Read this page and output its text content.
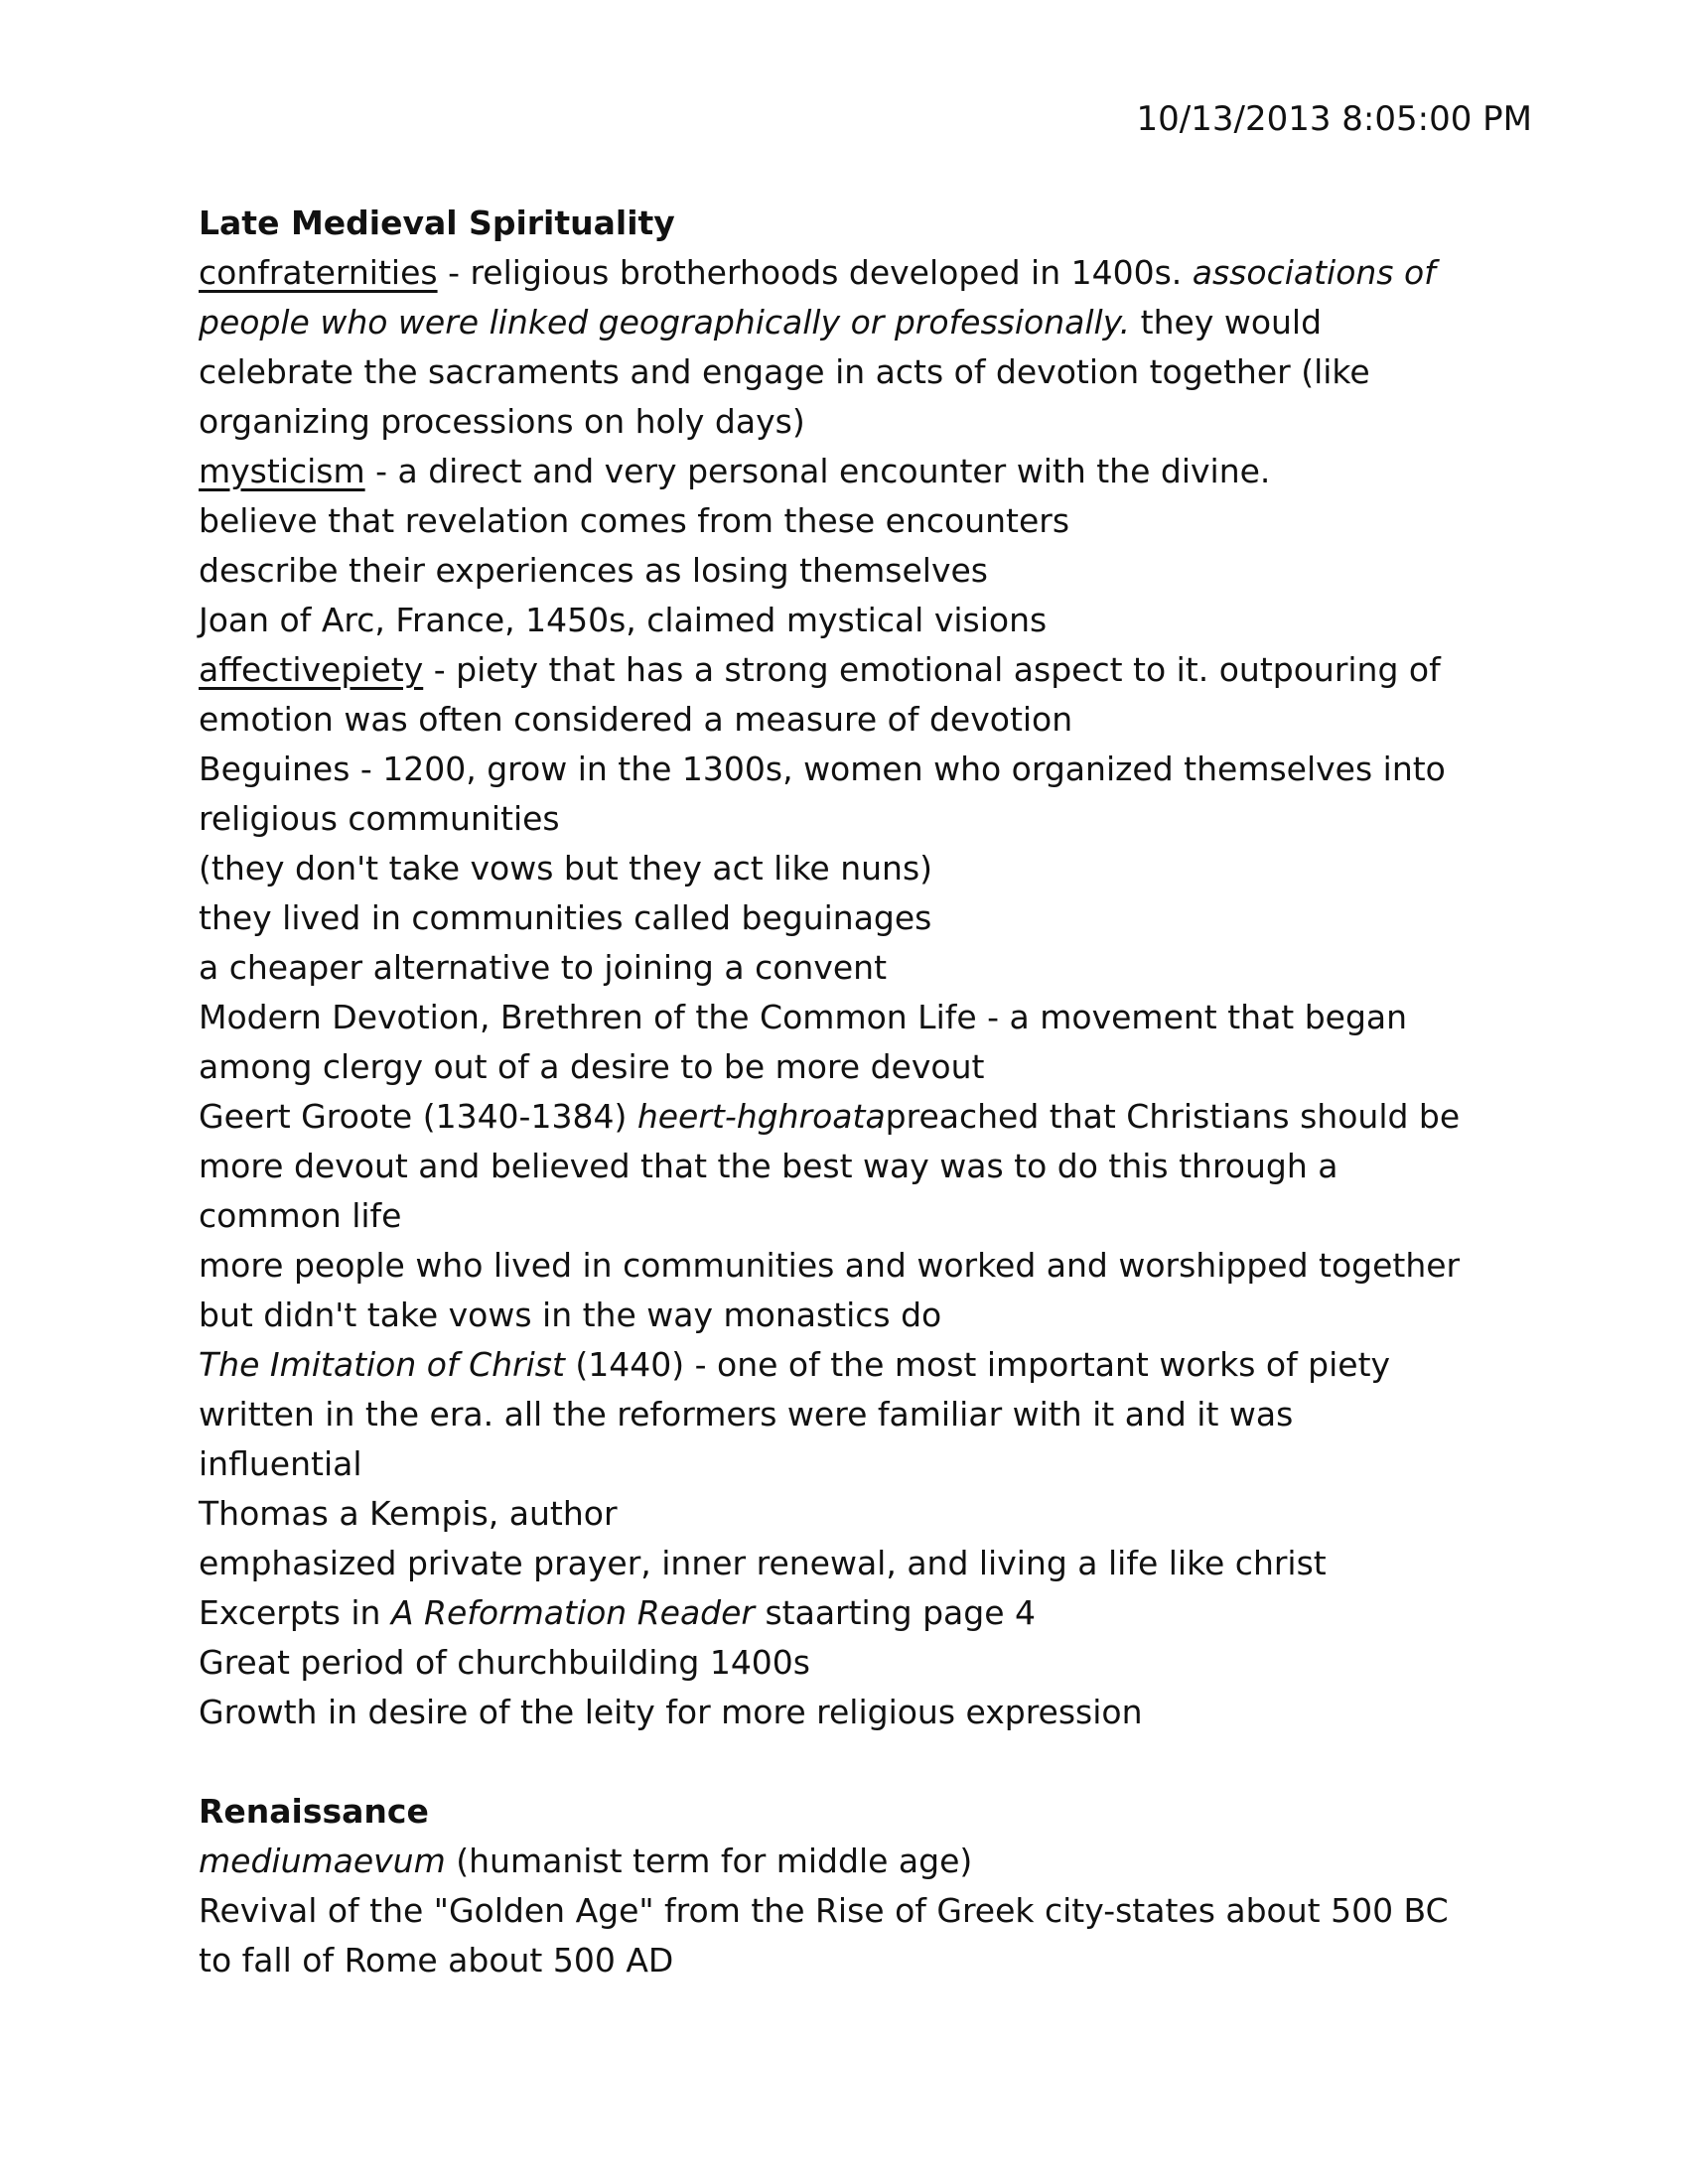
10/13/2013 8:05:00 PM
Late Medieval Spirituality
confraternities - religious brotherhoods developed in 1400s. associations of
people who were linked geographically or professionally. they would
celebrate the sacraments and engage in acts of devotion together (like
organizing processions on holy days)
mysticism - a direct and very personal encounter with the divine.
believe that revelation comes from these encounters
describe their experiences as losing themselves
Joan of Arc, France, 1450s, claimed mystical visions
affectivepiety - piety that has a strong emotional aspect to it. outpouring of
emotion was often considered a measure of devotion
Beguines - 1200, grow in the 1300s, women who organized themselves into
religious communities
(they don't take vows but they act like nuns)
they lived in communities called beguinages
a cheaper alternative to joining a convent
Modern Devotion, Brethren of the Common Life - a movement that began
among clergy out of a desire to be more devout
Geert Groote (1340-1384) heert-hghroatapreached that Christians should be
more devout and believed that the best way was to do this through a
common life
more people who lived in communities and worked and worshipped together
but didn't take vows in the way monastics do
The Imitation of Christ (1440) - one of the most important works of piety
written in the era. all the reformers were familiar with it and it was
influential
Thomas a Kempis, author
emphasized private prayer, inner renewal, and living a life like christ
Excerpts in A Reformation Reader staarting page 4
Great period of churchbuilding 1400s
Growth in desire of the leity for more religious expression
Renaissance
mediumaevum (humanist term for middle age)
Revival of the "Golden Age" from the Rise of Greek city-states about 500 BC
to fall of Rome about 500 AD
